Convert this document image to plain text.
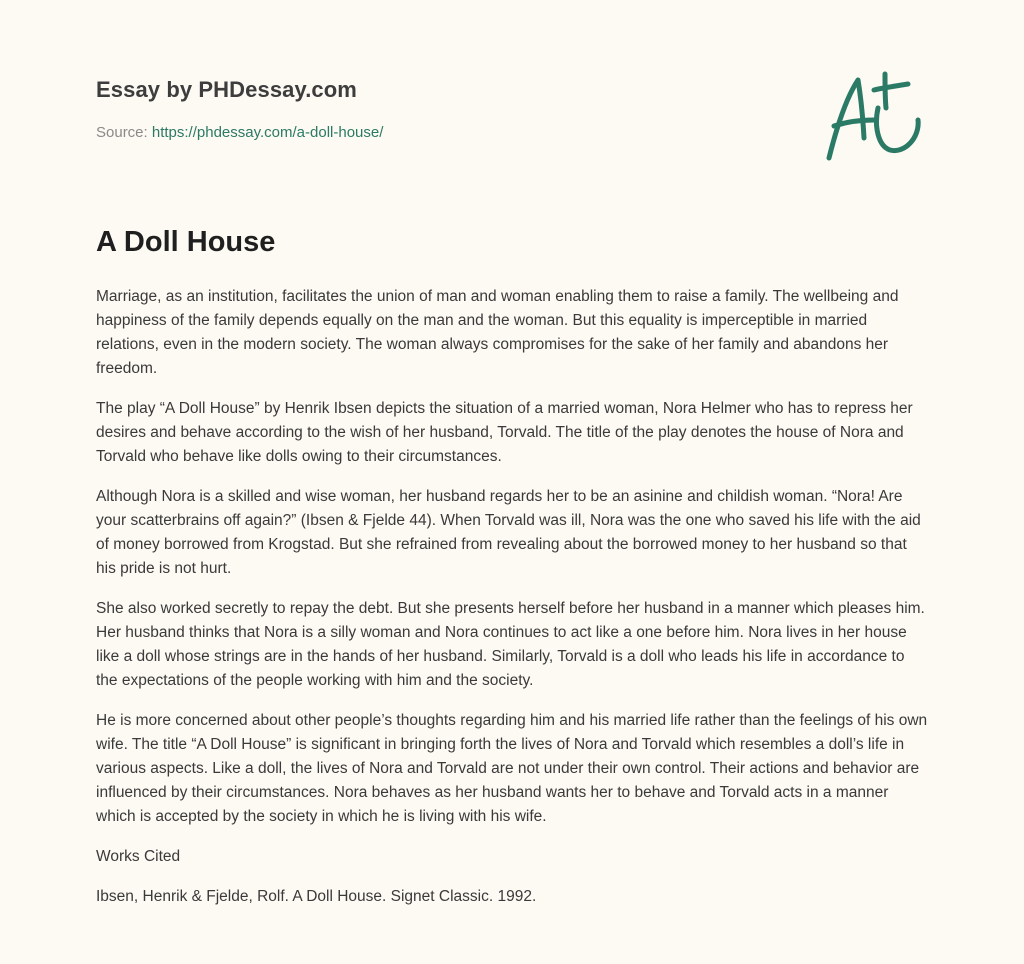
Essay by PHDessay.com
Source: https://phdessay.com/a-doll-house/
A Doll House

Marriage, as an institution, facilitates the union of man and woman enabling them to raise a family. The wellbeing and happiness of the family depends equally on the man and the woman. But this equality is imperceptible in married relations, even in the modern society. The woman always compromises for the sake of her family and abandons her freedom.

The play “A Doll House” by Henrik Ibsen depicts the situation of a married woman, Nora Helmer who has to repress her desires and behave according to the wish of her husband, Torvald. The title of the play denotes the house of Nora and Torvald who behave like dolls owing to their circumstances.

Although Nora is a skilled and wise woman, her husband regards her to be an asinine and childish woman. “Nora! Are your scatterbrains off again?” (Ibsen & Fjelde 44). When Torvald was ill, Nora was the one who saved his life with the aid of money borrowed from Krogstad. But she refrained from revealing about the borrowed money to her husband so that his pride is not hurt.

She also worked secretly to repay the debt. But she presents herself before her husband in a manner which pleases him. Her husband thinks that Nora is a silly woman and Nora continues to act like a one before him. Nora lives in her house like a doll whose strings are in the hands of her husband. Similarly, Torvald is a doll who leads his life in accordance to the expectations of the people working with him and the society.

He is more concerned about other people’s thoughts regarding him and his married life rather than the feelings of his own wife. The title “A Doll House” is significant in bringing forth the lives of Nora and Torvald which resembles a doll’s life in various aspects. Like a doll, the lives of Nora and Torvald are not under their own control. Their actions and behavior are influenced by their circumstances. Nora behaves as her husband wants her to behave and Torvald acts in a manner which is accepted by the society in which he is living with his wife.

Works Cited

Ibsen, Henrik & Fjelde, Rolf. A Doll House. Signet Classic. 1992.
